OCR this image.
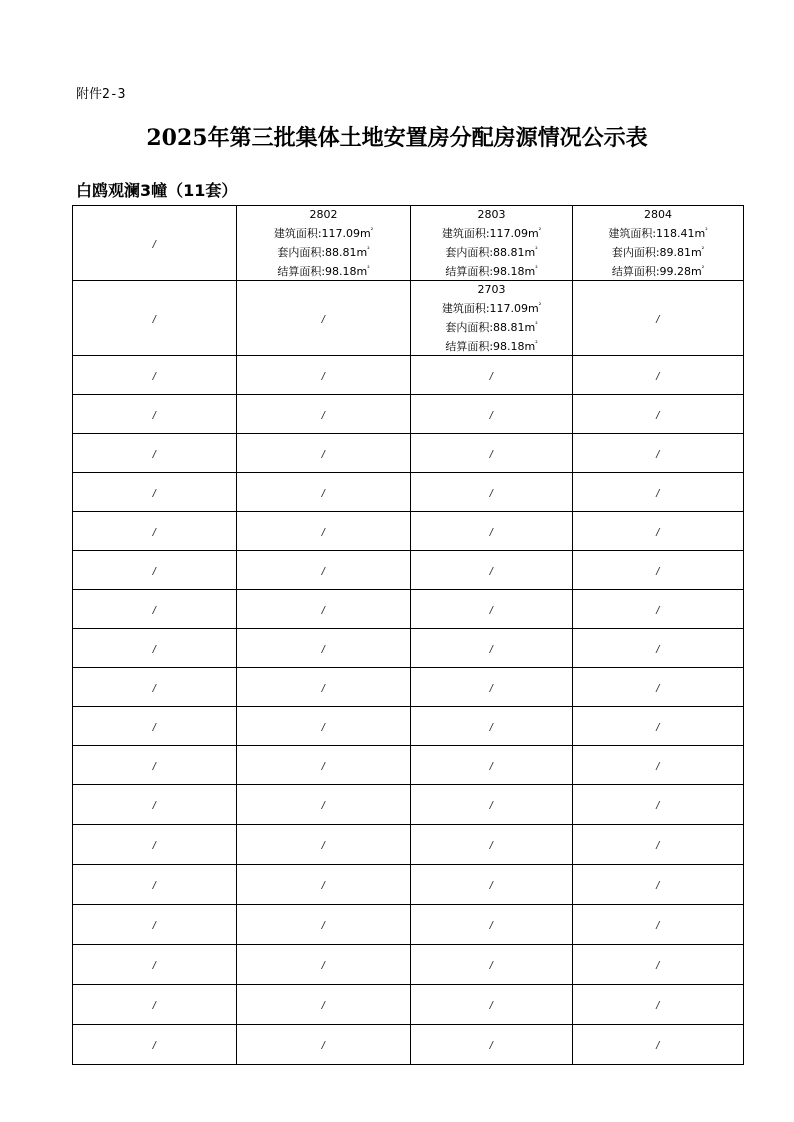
附件2-3
2025年第三批集体土地安置房分配房源情况公示表
白鸥观澜3幢（11套）
/	2802
建筑面积$:117.09m^{^2}$
套内面积$:88.81m^{^2}$
结算面积$:98.18m^{^2}$	2803
建筑面积$:117.09m^{^2}$
套内面积$:88.81m^{^2}$
结算面积$:98.18m^{^2}$	2804
建筑面积$:118.41m^{^2}$
套内面积$:89.81m^{^2}$
结算面积$:99.28m^{^2}$

/	/	2703
建筑面积$:117.09m^{^2}$
套内面积$:88.81m^{^2}$
结算面积$:98.18m^{^2}$	/
/	/	/	/
/	/	/	/
/	/	/	/
/	/	/	/
/	/	/	/
/	/	/	/
/	/	/	/
/	/	/	/
/	/	/	/
/	/	/	/
/	/	/	/
/	/	/	/
/	/	/	/
/	/	/	/
/	/	/	/
/	/	/	/
/	/	/	/
/	/	/	/
